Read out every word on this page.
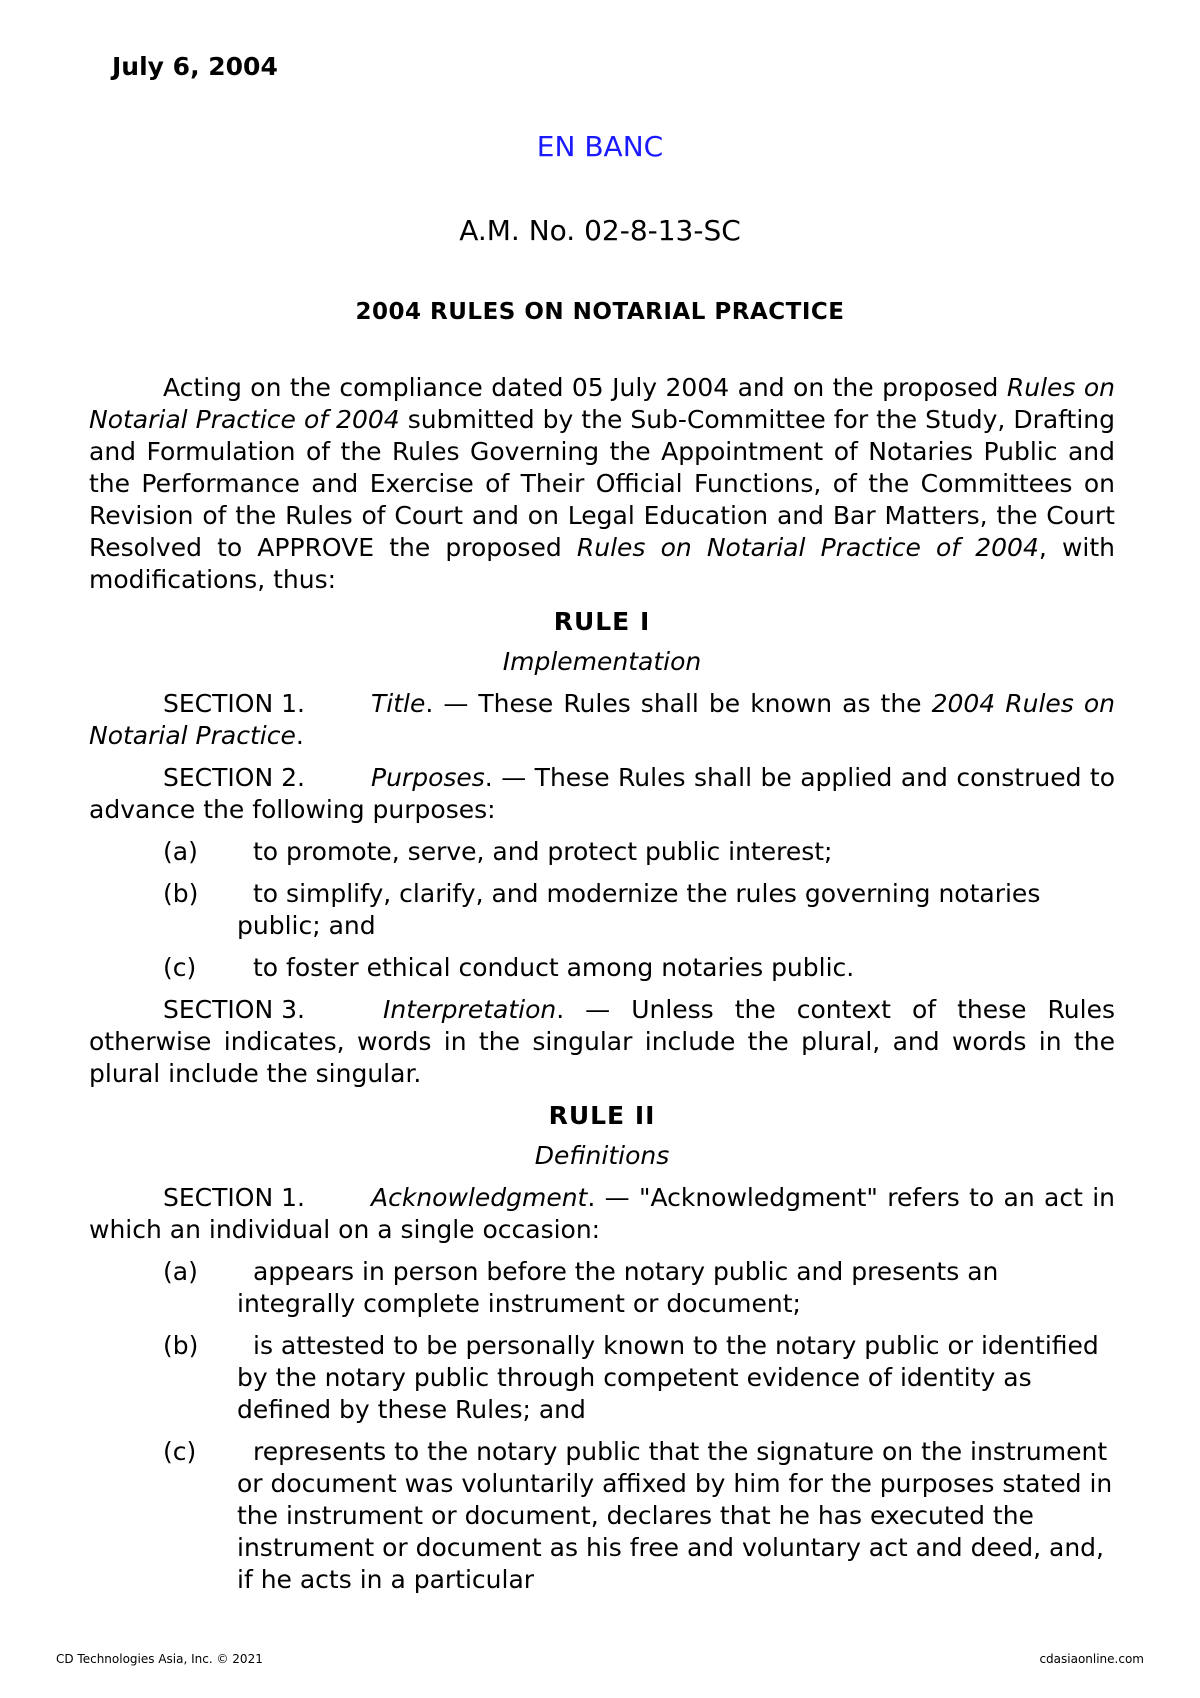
July 6, 2004

EN BANC

A.M. No. 02-8-13-SC

2004 RULES ON NOTARIAL PRACTICE

Acting on the compliance dated 05 July 2004 and on the proposed Rules on Notarial Practice of 2004 submitted by the Sub-Committee for the Study, Drafting and Formulation of the Rules Governing the Appointment of Notaries Public and the Performance and Exercise of Their Official Functions, of the Committees on Revision of the Rules of Court and on Legal Education and Bar Matters, the Court Resolved to APPROVE the proposed Rules on Notarial Practice of 2004, with modifications, thus:

RULE I

Implementation

SECTION 1.	Title. — These Rules shall be known as the 2004 Rules on Notarial Practice.

SECTION 2.	Purposes. — These Rules shall be applied and construed to advance the following purposes:

(a)	to promote, serve, and protect public interest;

(b)	to simplify, clarify, and modernize the rules governing notaries public; and

(c)	to foster ethical conduct among notaries public.

SECTION 3.	Interpretation. — Unless the context of these Rules otherwise indicates, words in the singular include the plural, and words in the plural include the singular.

RULE II

Definitions

SECTION 1.	Acknowledgment. — "Acknowledgment" refers to an act in which an individual on a single occasion:

(a)	appears in person before the notary public and presents an integrally complete instrument or document;

(b)	is attested to be personally known to the notary public or identified by the notary public through competent evidence of identity as defined by these Rules; and

(c)	represents to the notary public that the signature on the instrument or document was voluntarily affixed by him for the purposes stated in the instrument or document, declares that he has executed the instrument or document as his free and voluntary act and deed, and, if he acts in a particular

CD Technologies Asia, Inc. © 2021	cdasiaonline.com
